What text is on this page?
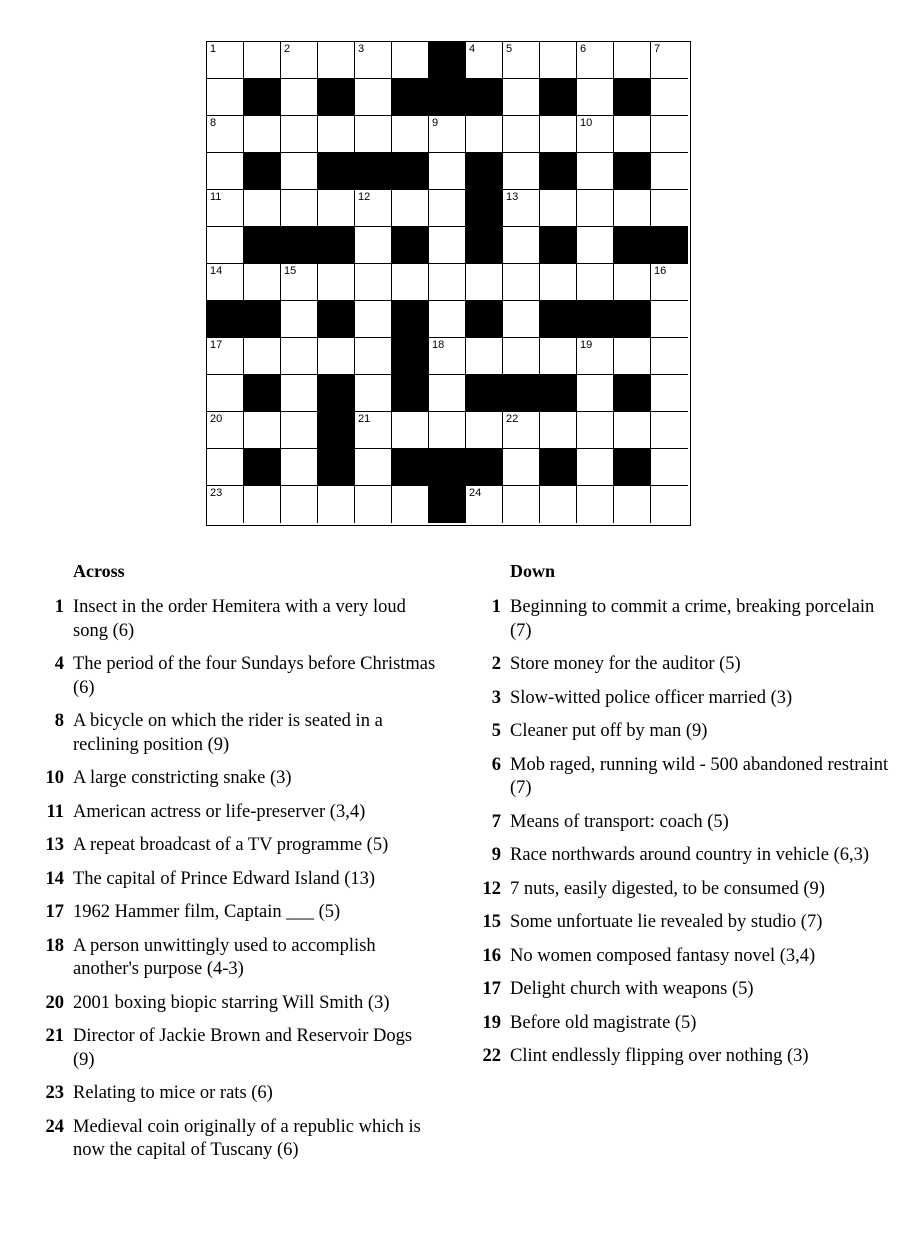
1	2	3	4	5	6	7
8	9	10
11	12	13
14	15	16
17	18	19
20	21	22
23	24
Across
1 Insect in the order Hemitera with a very loud song (6)
4 The period of the four Sundays before Christmas (6)
8 A bicycle on which the rider is seated in a reclining position (9)
10 A large constricting snake (3)
11 American actress or life-preserver (3,4)
13 A repeat broadcast of a TV programme (5)
14 The capital of Prince Edward Island (13)
17 1962 Hammer film, Captain ___ (5)
18 A person unwittingly used to accomplish another's purpose (4-3)
20 2001 boxing biopic starring Will Smith (3)
21 Director of Jackie Brown and Reservoir Dogs (9)
23 Relating to mice or rats (6)
24 Medieval coin originally of a republic which is now the capital of Tuscany (6)
Down
1 Beginning to commit a crime, breaking porcelain (7)
2 Store money for the auditor (5)
3 Slow-witted police officer married (3)
5 Cleaner put off by man (9)
6 Mob raged, running wild - 500 abandoned restraint (7)
7 Means of transport: coach (5)
9 Race northwards around country in vehicle (6,3)
12 7 nuts, easily digested, to be consumed (9)
15 Some unfortuate lie revealed by studio (7)
16 No women composed fantasy novel (3,4)
17 Delight church with weapons (5)
19 Before old magistrate (5)
22 Clint endlessly flipping over nothing (3)
